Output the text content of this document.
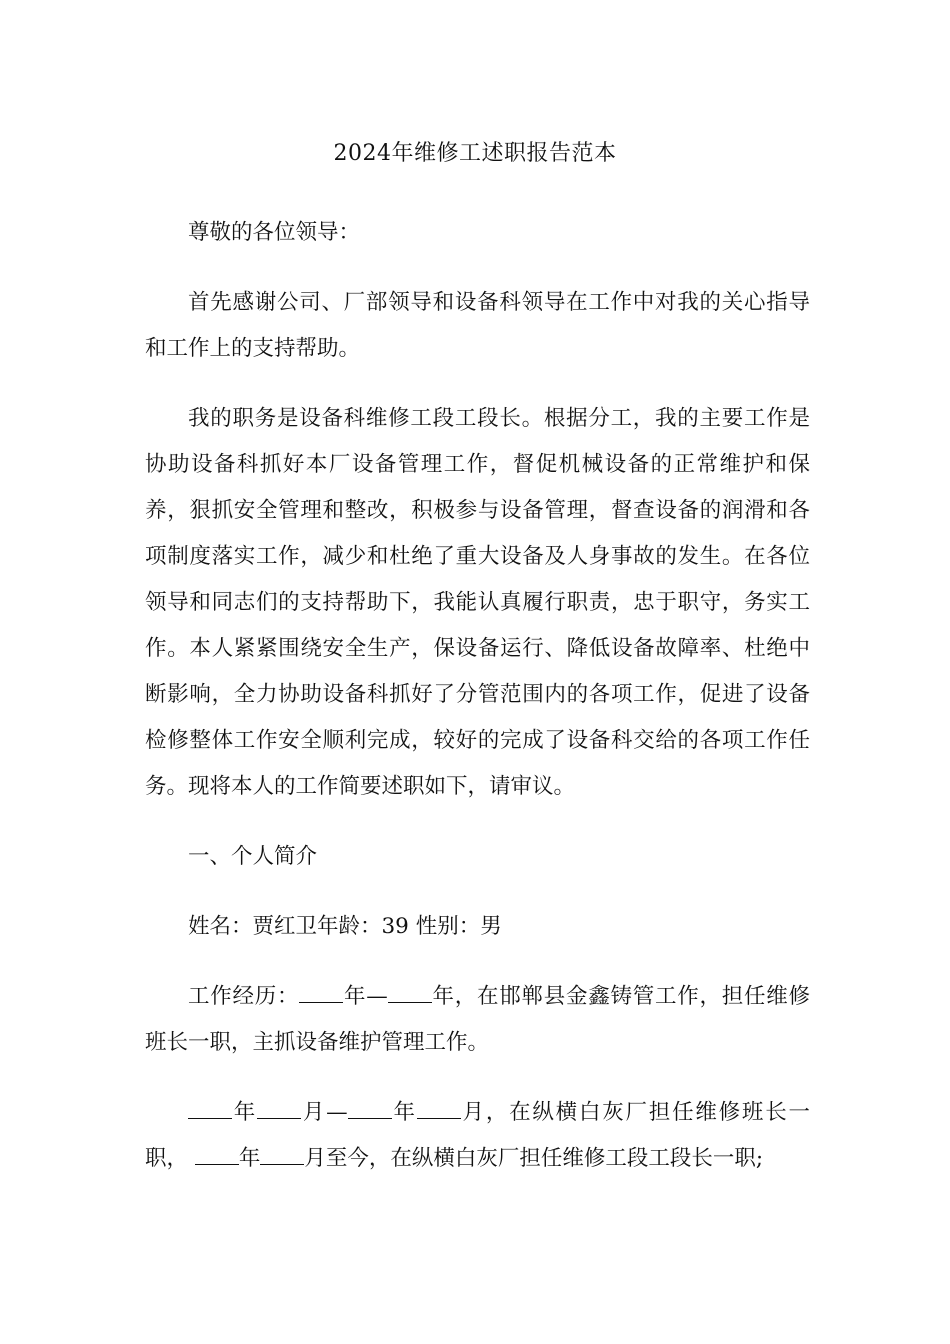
2024年维修工述职报告范本

尊敬的各位领导：

首先感谢公司、厂部领导和设备科领导在工作中对我的关心指导和工作上的支持帮助。

我的职务是设备科维修工段工段长。根据分工，我的主要工作是协助设备科抓好本厂设备管理工作，督促机械设备的正常维护和保养，狠抓安全管理和整改，积极参与设备管理，督查设备的润滑和各项制度落实工作，减少和杜绝了重大设备及人身事故的发生。在各位领导和同志们的支持帮助下，我能认真履行职责，忠于职守，务实工作。本人紧紧围绕安全生产，保设备运行、降低设备故障率、杜绝中断影响，全力协助设备科抓好了分管范围内的各项工作，促进了设备检修整体工作安全顺利完成，较好的完成了设备科交给的各项工作任务。现将本人的工作简要述职如下，请审议。

一、个人简介

姓名：贾红卫年龄：39 性别：男

工作经历： 年— 年，在邯郸县金鑫铸管工作，担任维修班长一职，主抓设备维护管理工作。

年 月— 年 月，在纵横白灰厂担任维修班长一职， 年 月至今，在纵横白灰厂担任维修工段工段长一职;
